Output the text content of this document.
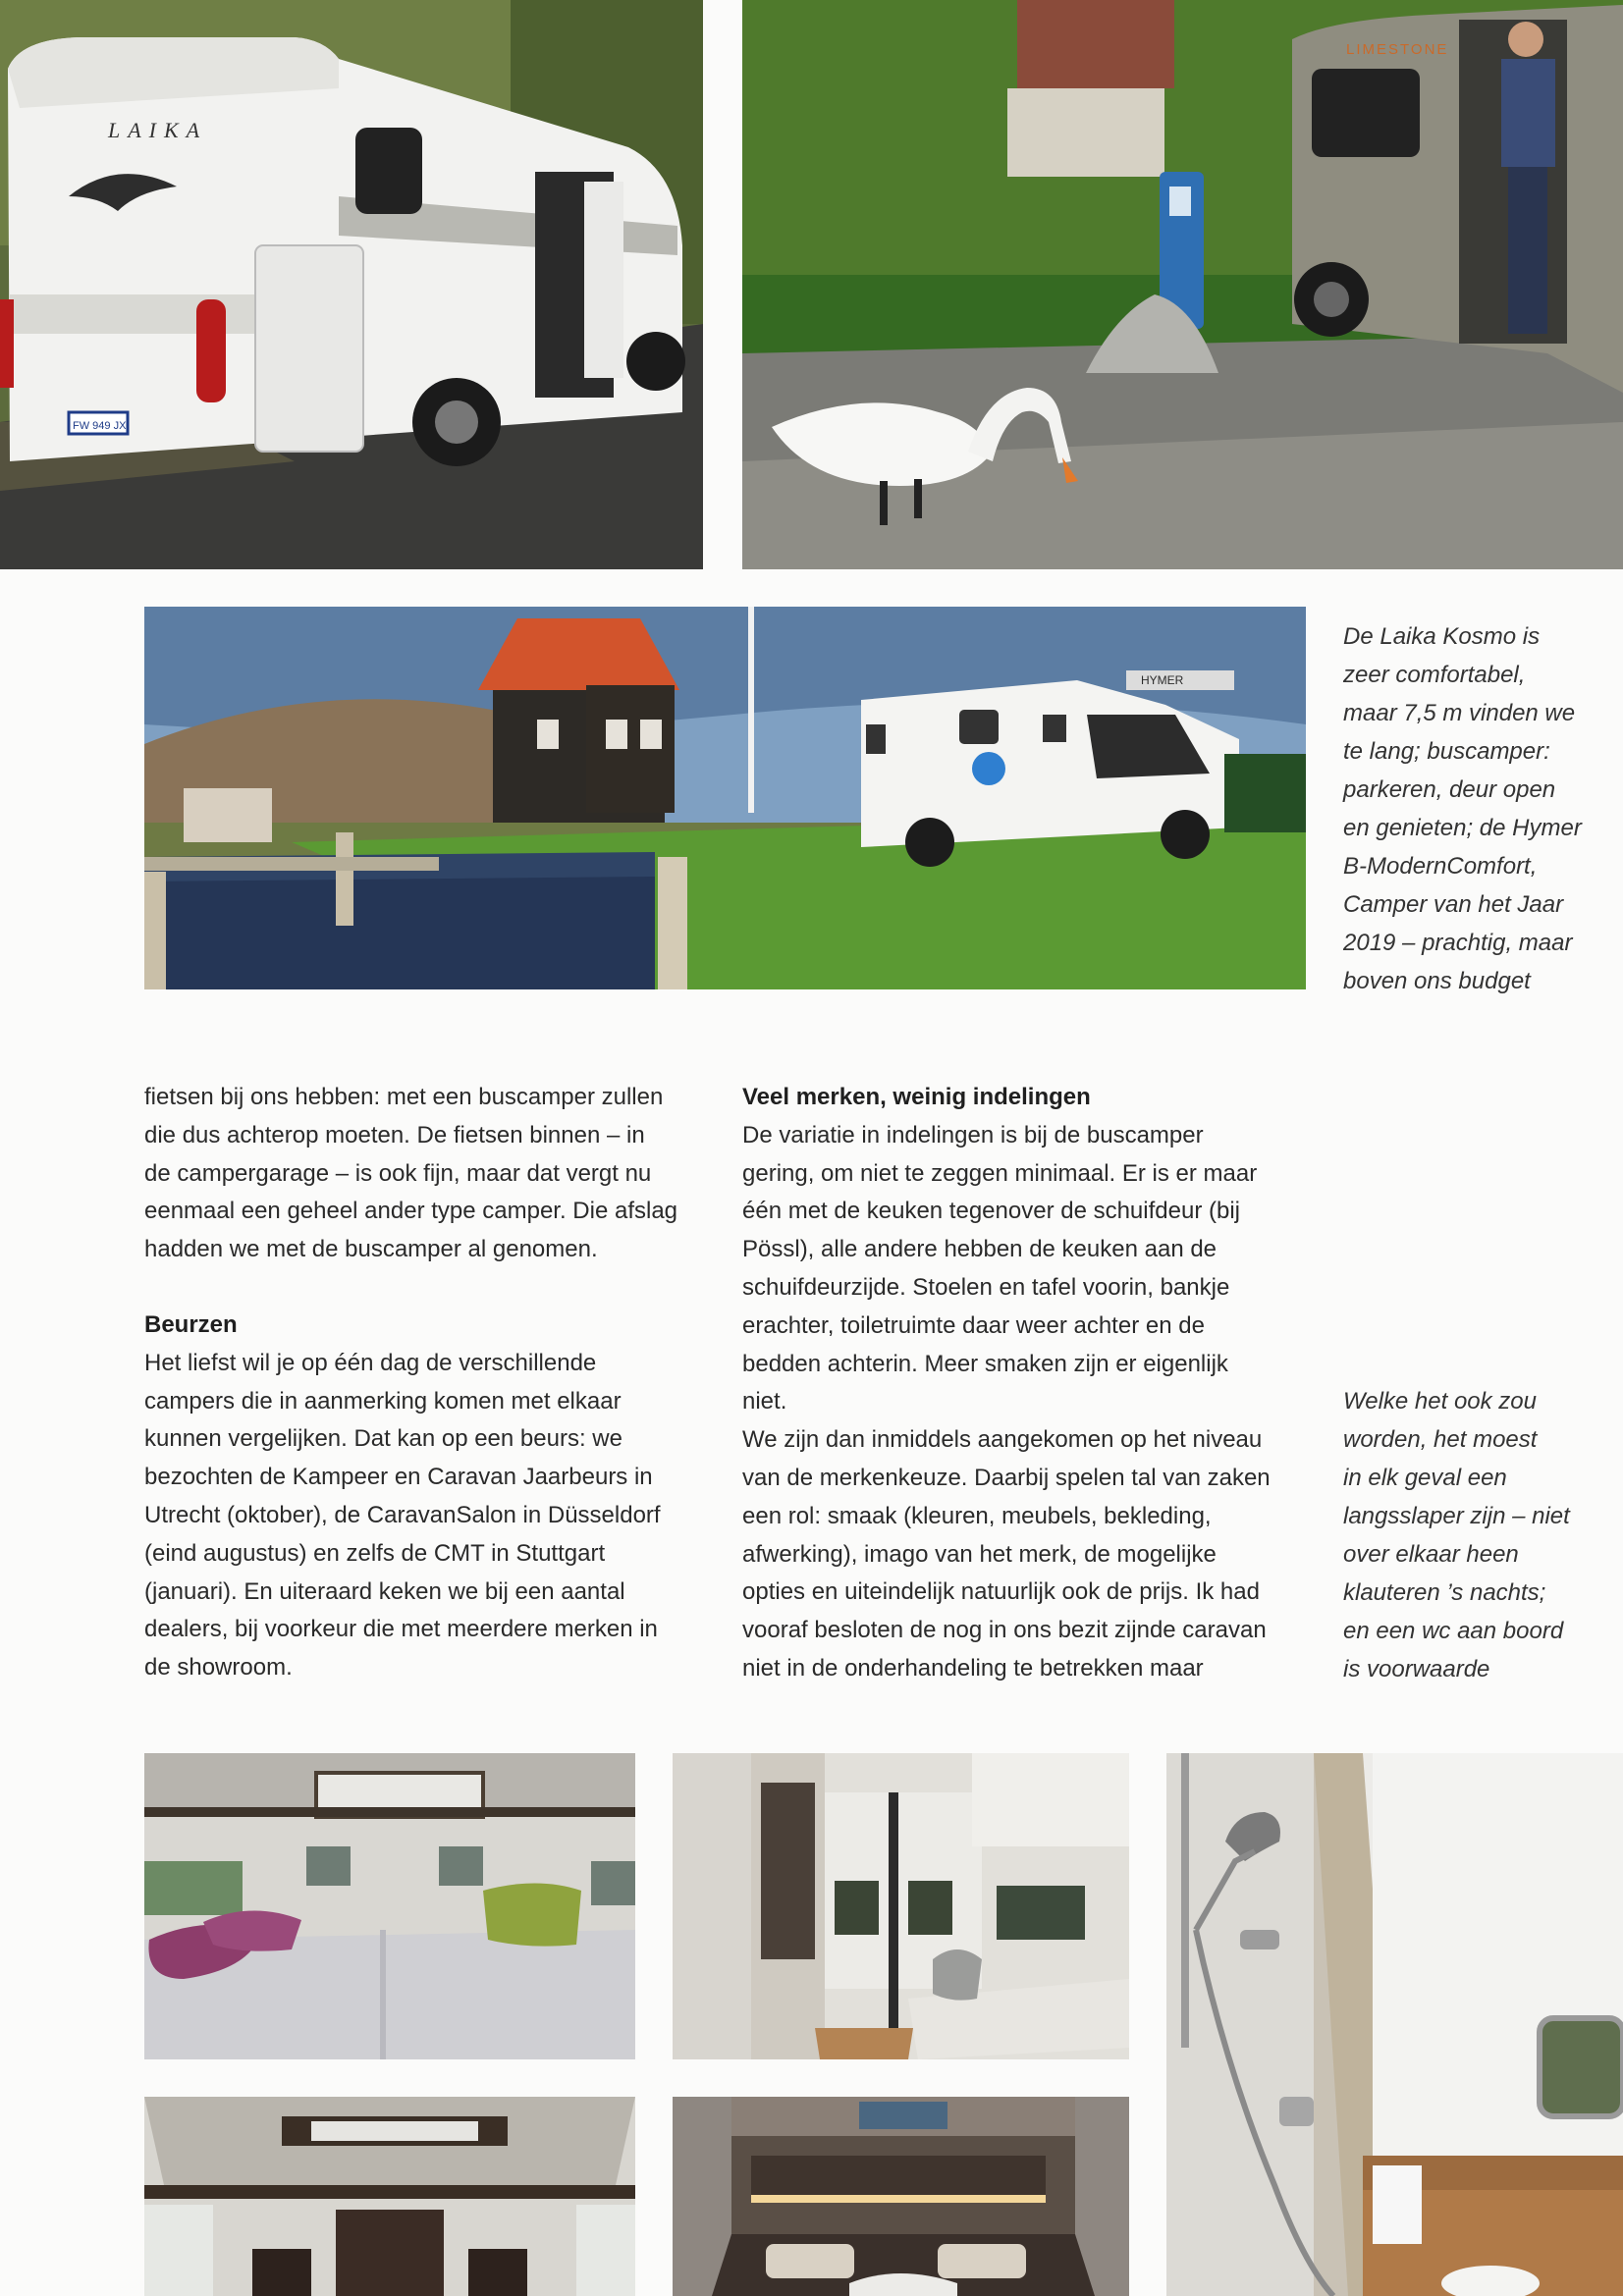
LAIKA
FW 949 JX
LIMESTONE
HYMER
De Laika Kosmo is
zeer comfortabel,
maar 7,5 m vinden we
te lang; buscamper:
parkeren, deur open
en genieten; de Hymer
B-ModernComfort,
Camper van het Jaar
2019 – prachtig, maar
boven ons budget
fietsen bij ons hebben: met een buscamper zullen
die dus achterop moeten. De fietsen binnen – in
de campergarage – is ook fijn, maar dat vergt nu
eenmaal een geheel ander type camper. Die afslag
hadden we met de buscamper al genomen.
Beurzen
Het liefst wil je op één dag de verschillende
campers die in aanmerking komen met elkaar
kunnen vergelijken. Dat kan op een beurs: we
bezochten de Kampeer en Caravan Jaarbeurs in
Utrecht (oktober), de CaravanSalon in Düsseldorf
(eind augustus) en zelfs de CMT in Stuttgart
(januari). En uiteraard keken we bij een aantal
dealers, bij voorkeur die met meerdere merken in
de showroom.
Veel merken, weinig indelingen
De variatie in indelingen is bij de buscamper
gering, om niet te zeggen minimaal. Er is er maar
één met de keuken tegenover de schuifdeur (bij
Pössl), alle andere hebben de keuken aan de
schuifdeurzijde. Stoelen en tafel voorin, bankje
erachter, toiletruimte daar weer achter en de
bedden achterin. Meer smaken zijn er eigenlijk
niet.
We zijn dan inmiddels aangekomen op het niveau
van de merkenkeuze. Daarbij spelen tal van zaken
een rol: smaak (kleuren, meubels, bekleding,
afwerking), imago van het merk, de mogelijke
opties en uiteindelijk natuurlijk ook de prijs. Ik had
vooraf besloten de nog in ons bezit zijnde caravan
niet in de onderhandeling te betrekken maar
Welke het ook zou
worden, het moest
in elk geval een
langsslaper zijn – niet
over elkaar heen
klauteren ’s nachts;
en een wc aan boord
is voorwaarde
